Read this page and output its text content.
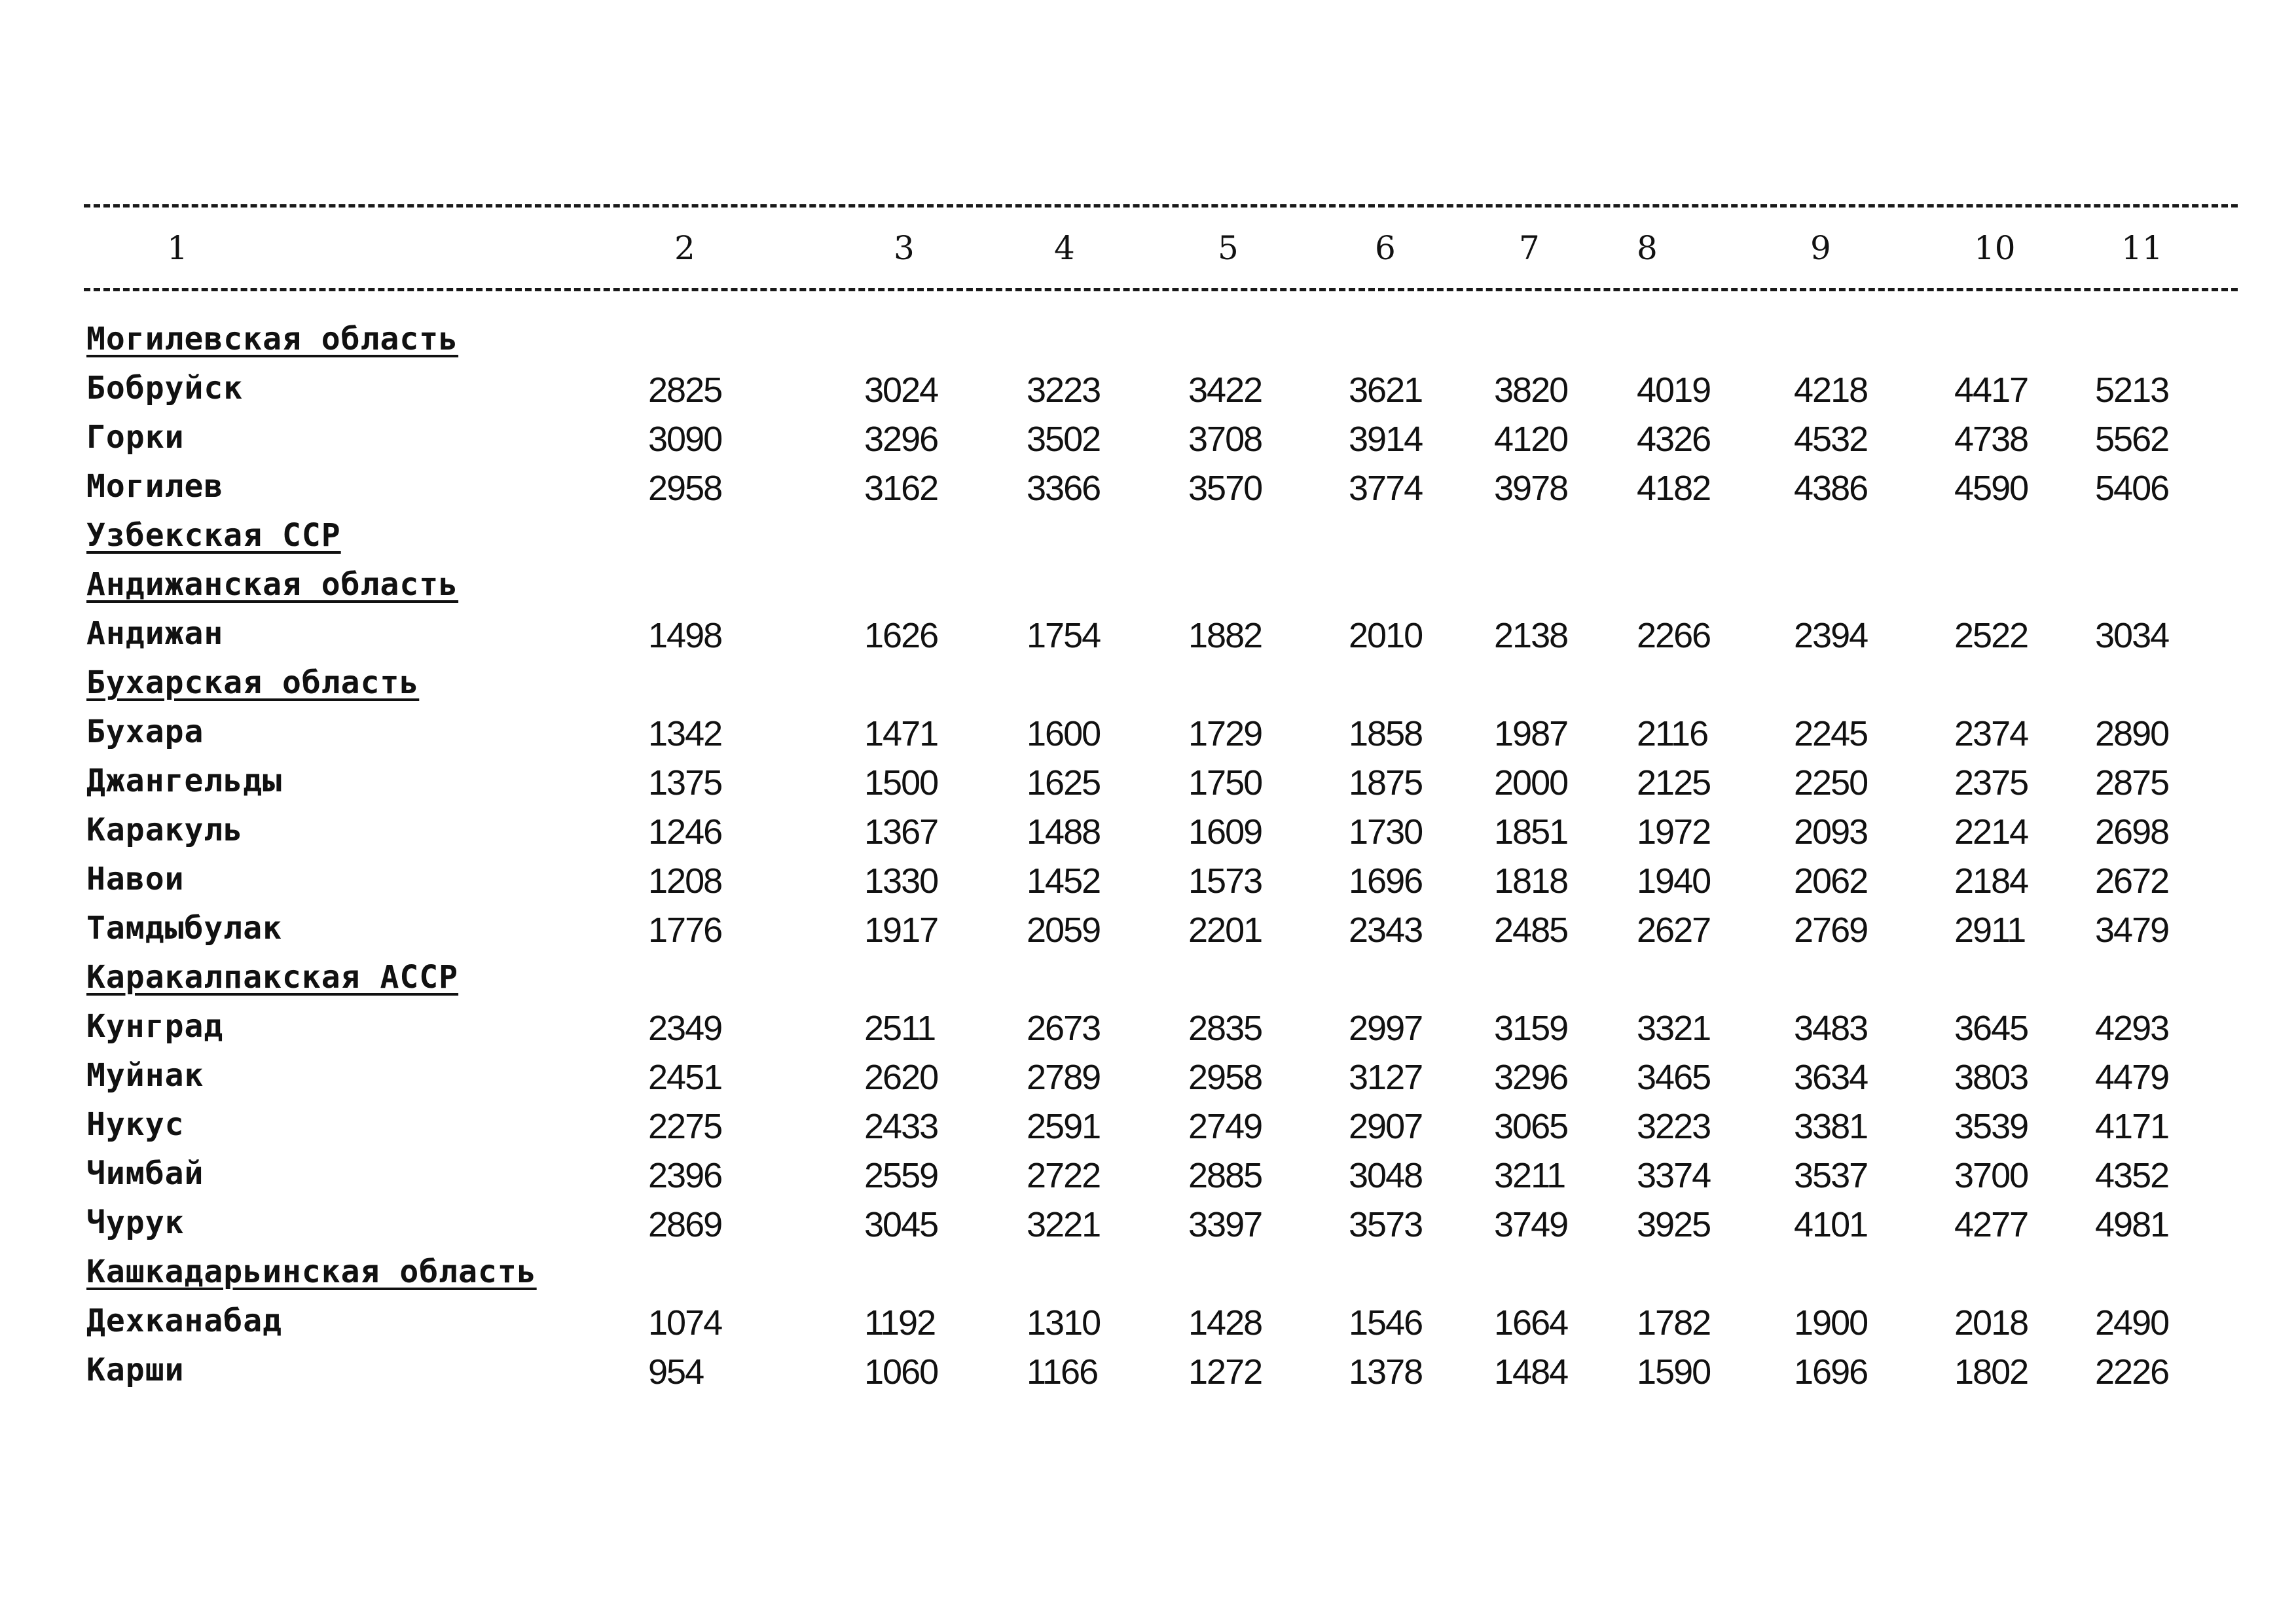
1	2	3	4	5	6	7	8	9	10	11
Могилевская область
Бобруйск	2825	3024	3223 3422 3621 3820 4019 4218 4417 5213
Горки	3090	3296	3502 3708 3914 4120 4326 4532 4738 5562
Могилев	2958	3162	3366 3570 3774 3978 4182 4386 4590 5406
Узбекская ССР
Андижанская область
Андижан	1498	1626	1754 1882 2010 2138 2266 2394 2522 3034
Бухарская область
Бухара	1342	1471	1600 1729 1858 1987 2116 2245 2374 2890
Джангельды	1375	1500	1625 1750 1875 2000 2125 2250 2375 2875
Каракуль	1246	1367	1488 1609 1730 1851 1972 2093 2214 2698
Навои	1208	1330	1452 1573 1696 1818 1940 2062 2184 2672
Тамдыбулак	1776	1917	2059 2201 2343 2485 2627 2769 2911 3479
Каракалпакская АССР
Кунград	2349	2511	2673 2835 2997 3159 3321 3483 3645 4293
Муйнак	2451	2620	2789 2958 3127 3296 3465 3634 3803 4479
Нукус	2275	2433	2591 2749 2907 3065 3223 3381 3539 4171
Чимбай	2396	2559	2722 2885 3048 3211 3374 3537 3700 4352
Чурук	2869	3045	3221 3397 3573 3749 3925 4101 4277 4981
Кашкадарьинская область
Дехканабад	1074	1192	1310 1428 1546 1664 1782 1900 2018 2490
Карши	954	1060	1166	1272 1378 1484 1590 1696 1802 2226
